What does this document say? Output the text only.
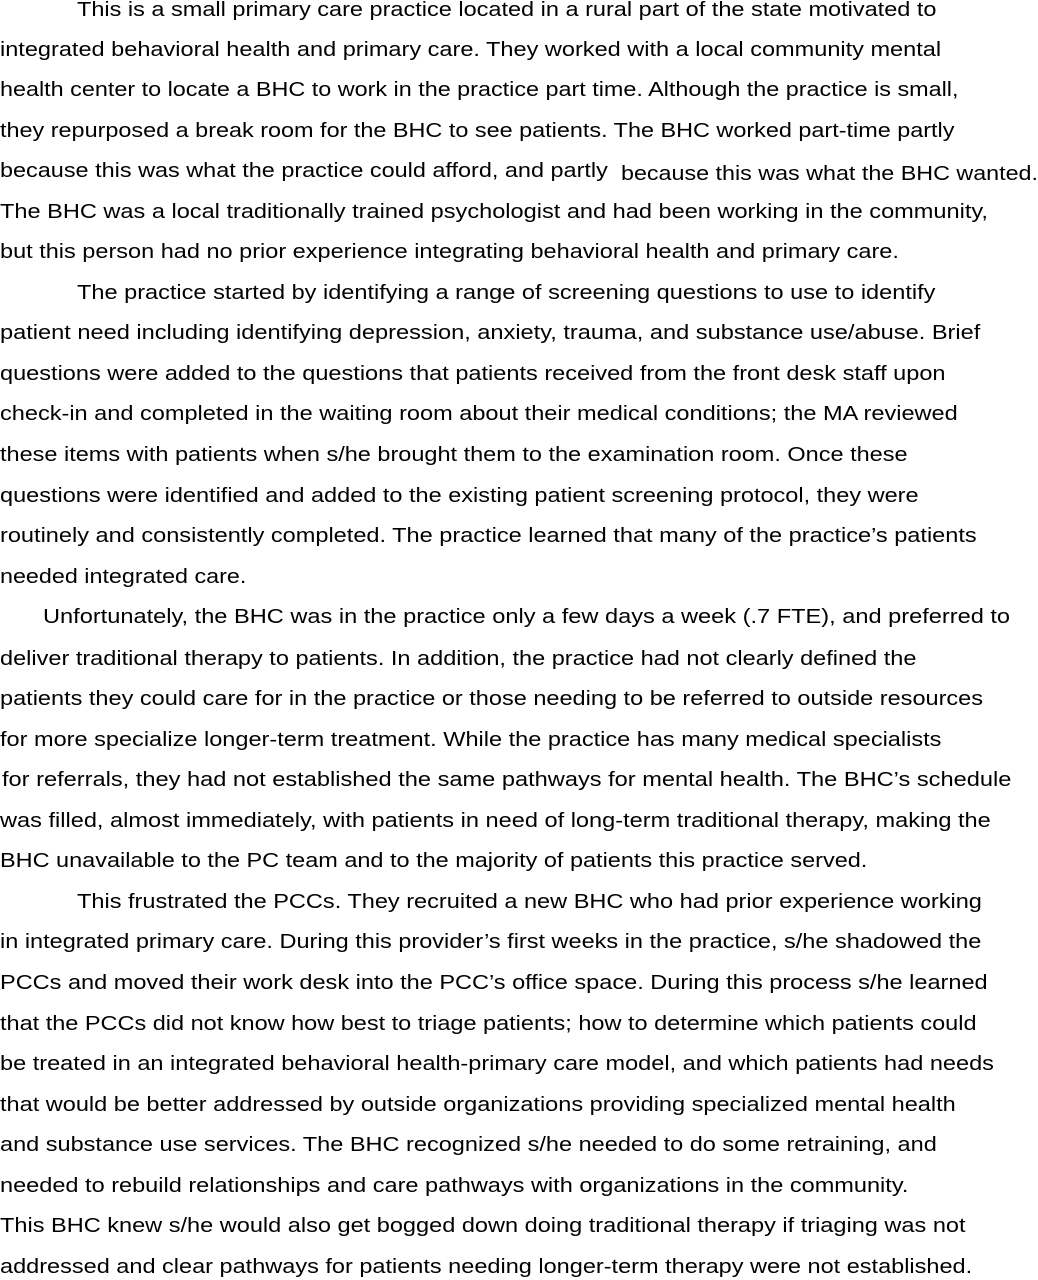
This is a small primary care practice located in a rural part of the state motivated to
integrated behavioral health and primary care. They worked with a local community mental
health center to locate a BHC to work in the practice part time. Although the practice is small,
they repurposed a break room for the BHC to see patients. The BHC worked part-time partly
because this was what the practice could afford, and partly because this was what the BHC wanted.
The BHC was a local traditionally trained psychologist and had been working in the community,
but this person had no prior experience integrating behavioral health and primary care.
The practice started by identifying a range of screening questions to use to identify
patient need including identifying depression, anxiety, trauma, and substance use/abuse. Brief
questions were added to the questions that patients received from the front desk staff upon
check-in and completed in the waiting room about their medical conditions; the MA reviewed
these items with patients when s/he brought them to the examination room. Once these
questions were identified and added to the existing patient screening protocol, they were
routinely and consistently completed. The practice learned that many of the practice’s patients
needed integrated care.
Unfortunately, the BHC was in the practice only a few days a week (.7 FTE), and preferred to
deliver traditional therapy to patients. In addition, the practice had not clearly defined the
patients they could care for in the practice or those needing to be referred to outside resources
for more specialize longer-term treatment. While the practice has many medical specialists
for referrals, they had not established the same pathways for mental health. The BHC’s schedule
was filled, almost immediately, with patients in need of long-term traditional therapy, making the
BHC unavailable to the PC team and to the majority of patients this practice served.
This frustrated the PCCs. They recruited a new BHC who had prior experience working
in integrated primary care. During this provider’s first weeks in the practice, s/he shadowed the
PCCs and moved their work desk into the PCC’s office space. During this process s/he learned
that the PCCs did not know how best to triage patients; how to determine which patients could
be treated in an integrated behavioral health-primary care model, and which patients had needs
that would be better addressed by outside organizations providing specialized mental health
and substance use services. The BHC recognized s/he needed to do some retraining, and
needed to rebuild relationships and care pathways with organizations in the community.
This BHC knew s/he would also get bogged down doing traditional therapy if triaging was not
addressed and clear pathways for patients needing longer-term therapy were not established.
